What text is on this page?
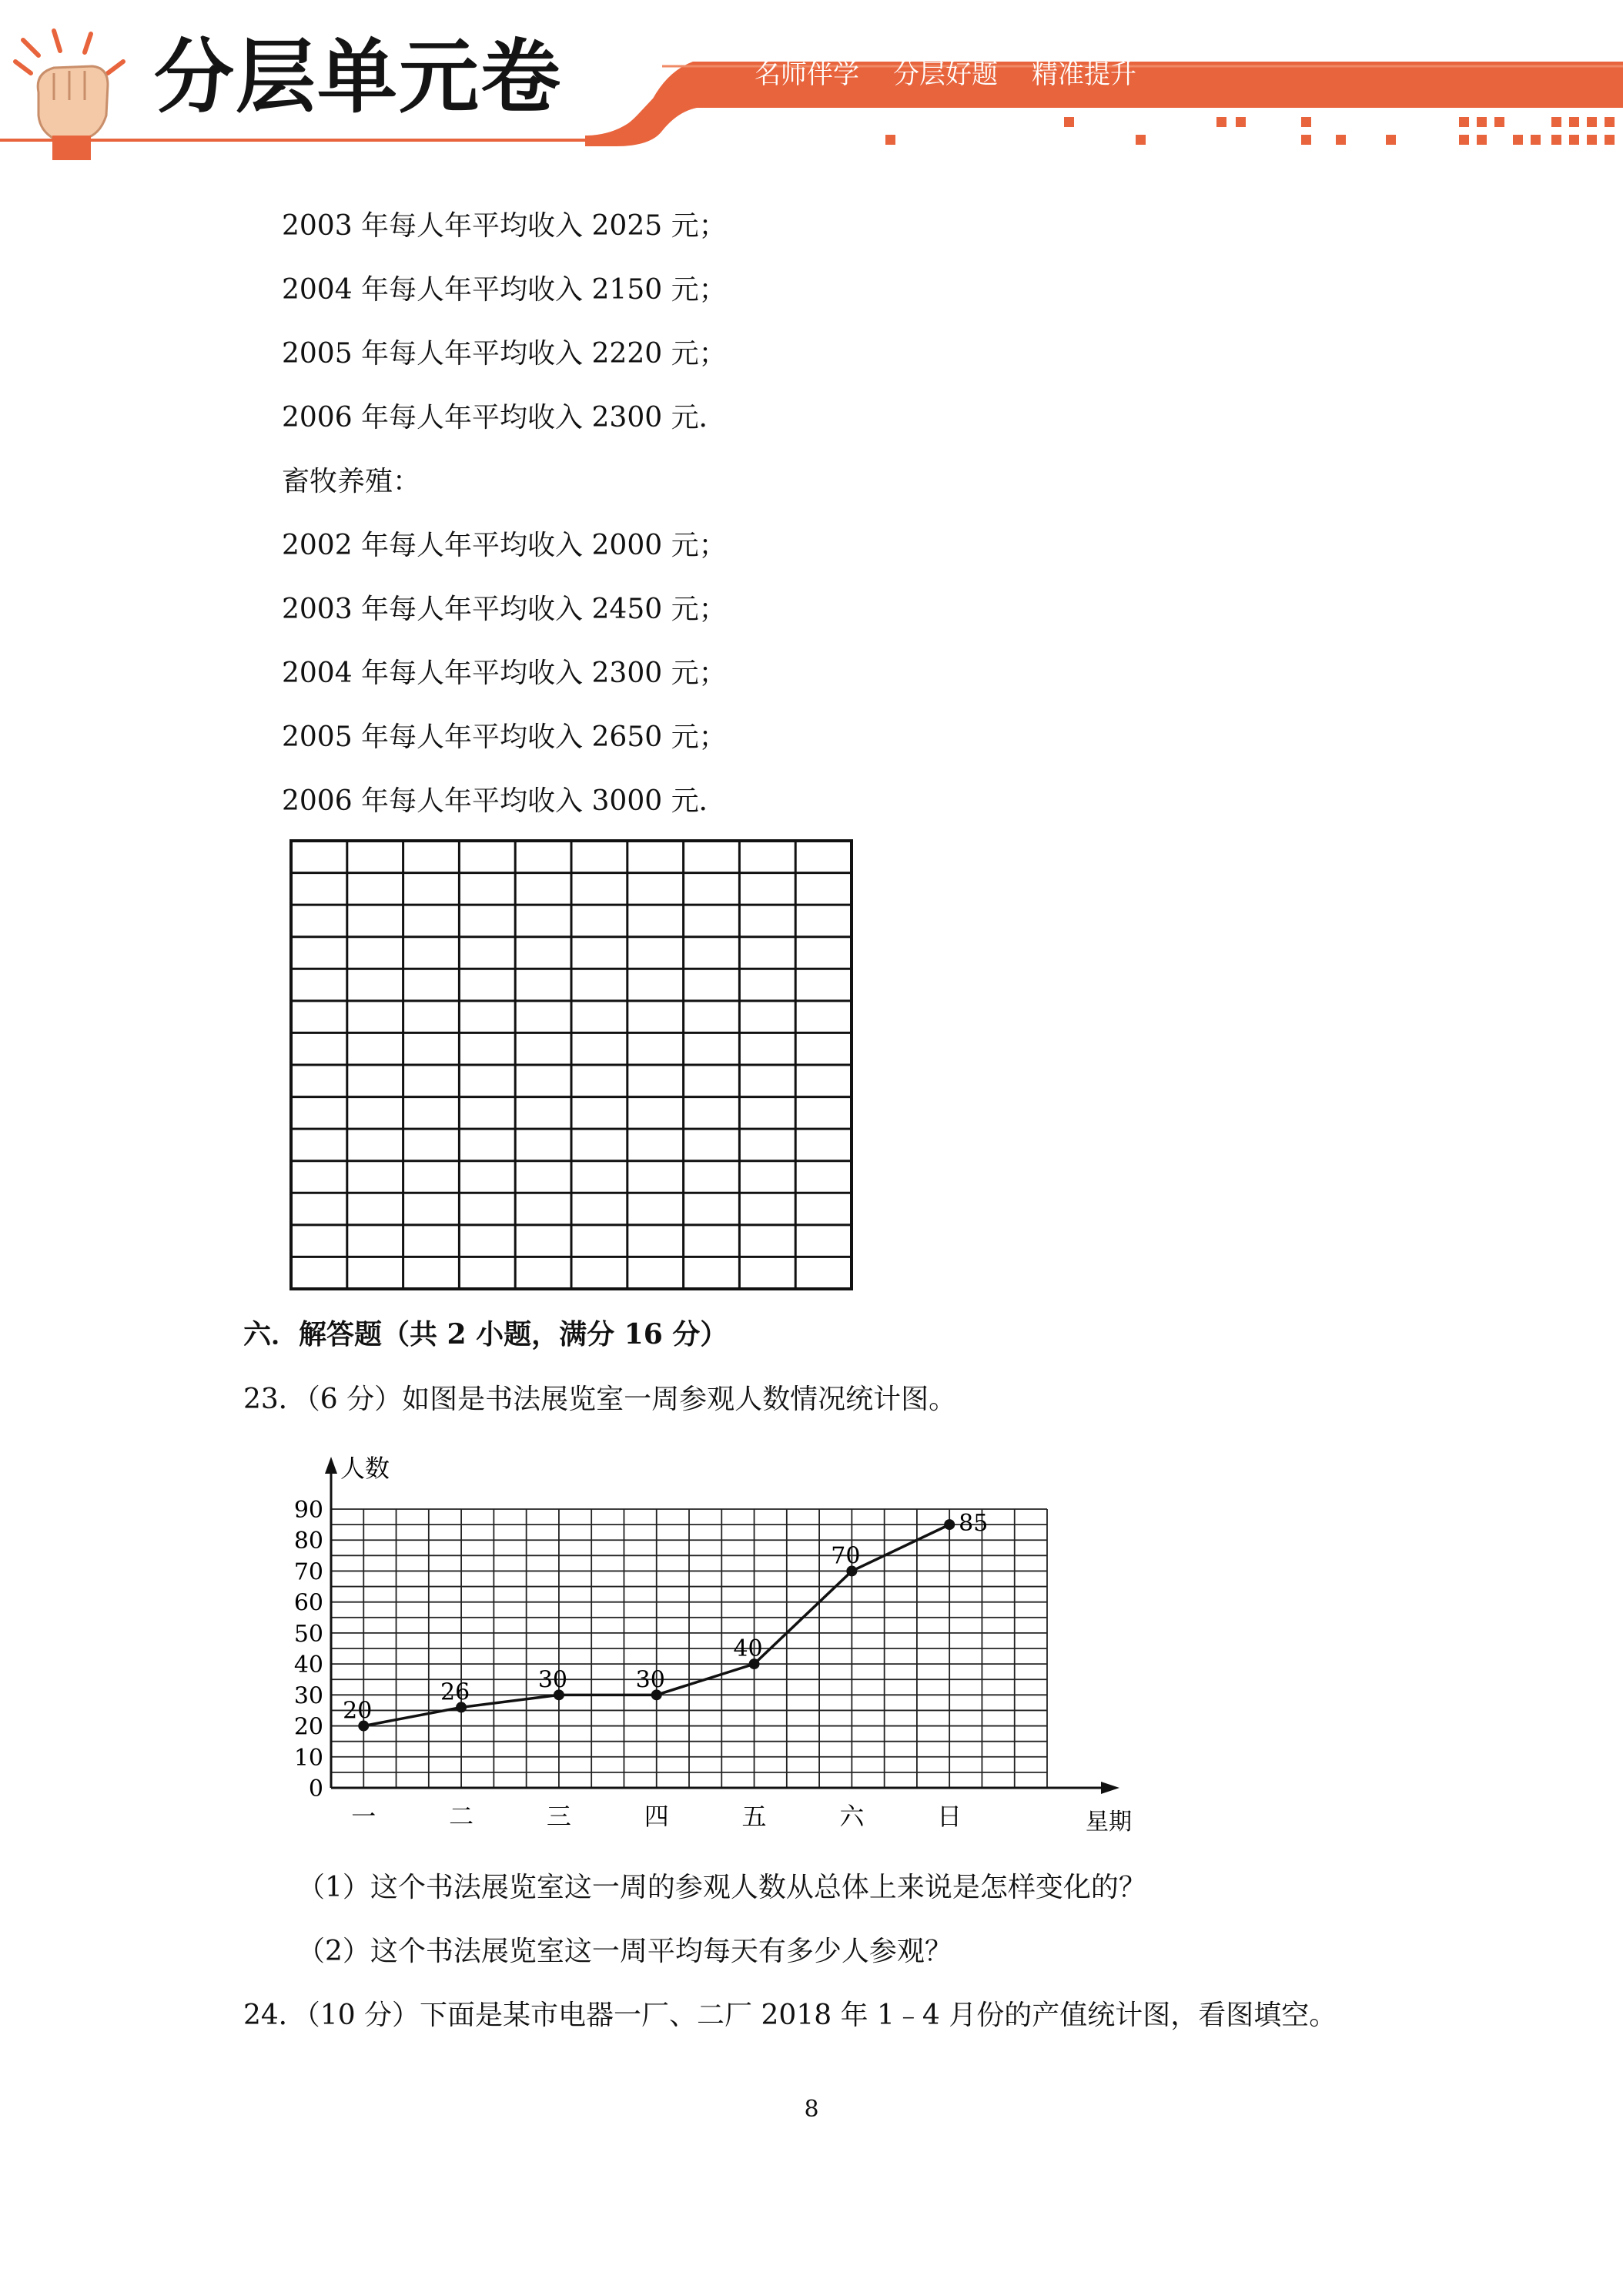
分层单元卷	名师伴学 分层好题 精准提升
2003 年每人年平均收入 2025 元；
2004 年每人年平均收入 2150 元；
2005 年每人年平均收入 2220 元；
2006 年每人年平均收入 2300 元．
畜牧养殖：
2002 年每人年平均收入 2000 元；
2003 年每人年平均收入 2450 元；
2004 年每人年平均收入 2300 元；
2005 年每人年平均收入 2650 元；
2006 年每人年平均收入 3000 元．
六．解答题（共 2 小题，满分 16 分）
23．（6 分）如图是书法展览室一周参观人数情况统计图。
人数
星期
0
10
20
30
40
50
60
70
80
90
一	二	三	四	五	六	日
20
26	30	30
40
70
85
（1）这个书法展览室这一周的参观人数从总体上来说是怎样变化的？
（2）这个书法展览室这一周平均每天有多少人参观？
24．（10 分）下面是某市电器一厂、二厂 2018 年 1﹣4 月份的产值统计图，看图填空。
8
